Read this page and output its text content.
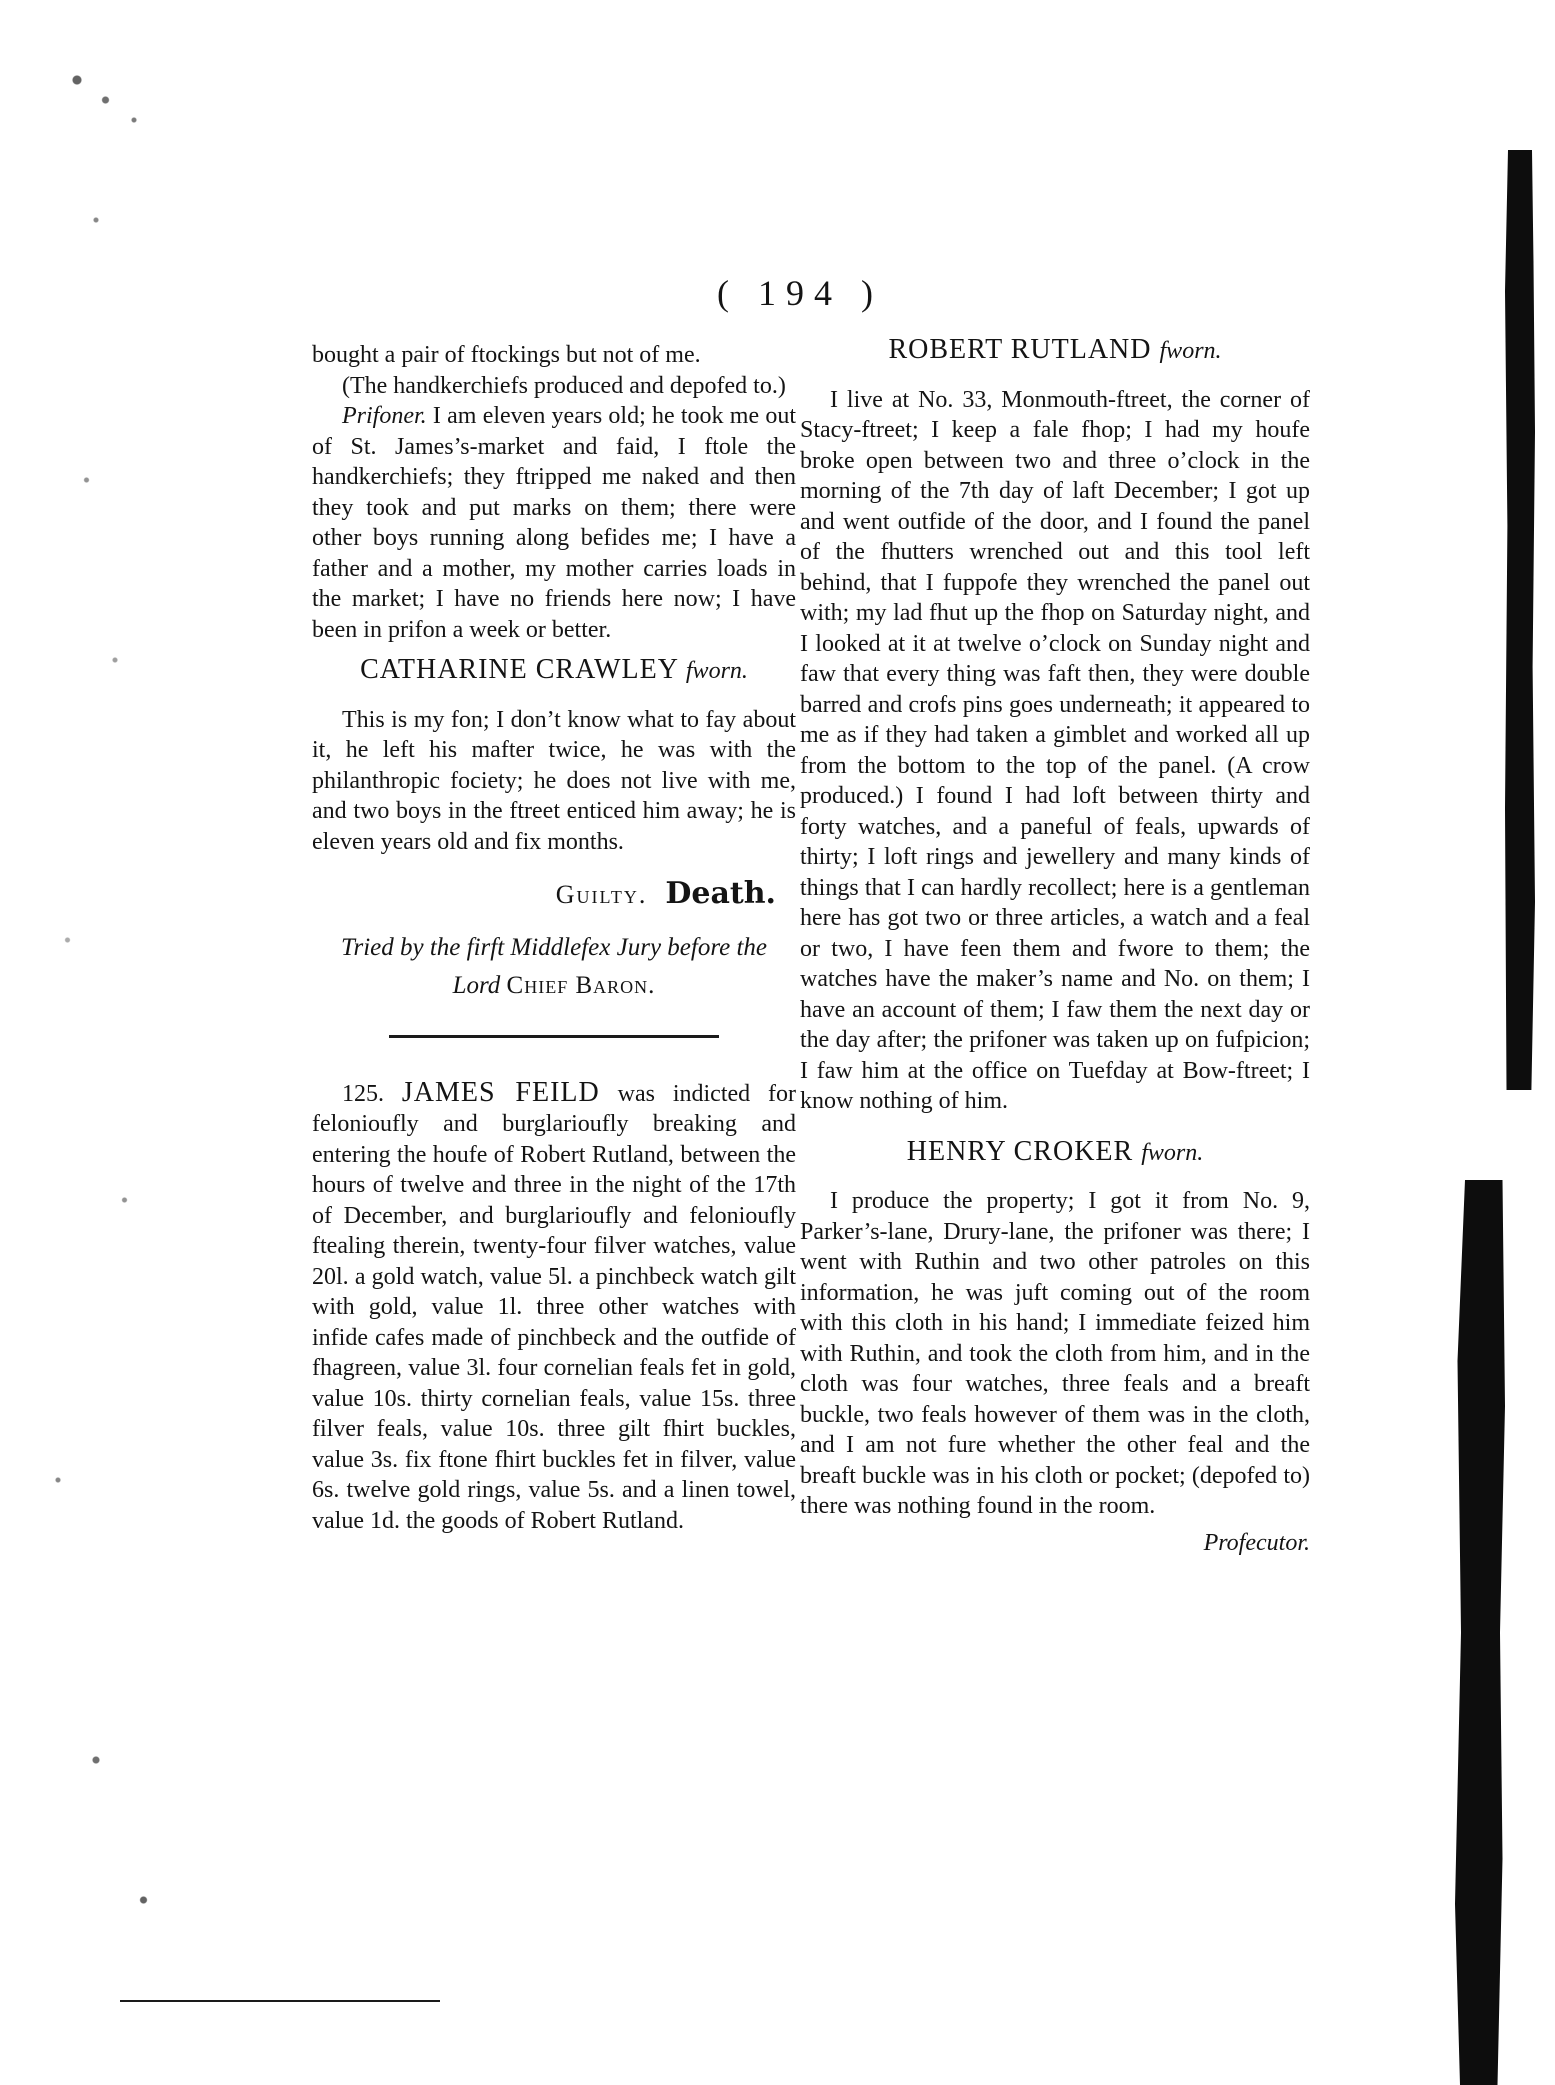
( 194 )

bought a pair of ftockings but not of me.

(The handkerchiefs produced and depofed to.)

Prifoner. I am eleven years old; he took me out of St. James’s-market and faid, I ftole the handkerchiefs; they ftripped me naked and then they took and put marks on them; there were other boys running along befides me; I have a father and a mother, my mother carries loads in the market; I have no friends here now; I have been in prifon a week or better.

CATHARINE CRAWLEY fworn.

This is my fon; I don’t know what to fay about it, he left his mafter twice, he was with the philanthropic fociety; he does not live with me, and two boys in the ftreet enticed him away; he is eleven years old and fix months.

Guilty. Death.
Tried by the firft Middlefex Jury before the
Lord Chief Baron.

125. JAMES FEILD was indicted for felonioufly and burglarioufly breaking and entering the houfe of Robert Rutland, between the hours of twelve and three in the night of the 17th of December, and burglarioufly and felonioufly ftealing therein, twenty-four filver watches, value 20l. a gold watch, value 5l. a pinchbeck watch gilt with gold, value 1l. three other watches with infide cafes made of pinchbeck and the outfide of fhagreen, value 3l. four cornelian feals fet in gold, value 10s. thirty cornelian feals, value 15s. three filver feals, value 10s. three gilt fhirt buckles, value 3s. fix ftone fhirt buckles fet in filver, value 6s. twelve gold rings, value 5s. and a linen towel, value 1d. the goods of Robert Rutland.

ROBERT RUTLAND fworn.

I live at No. 33, Monmouth-ftreet, the corner of Stacy-ftreet; I keep a fale fhop; I had my houfe broke open between two and three o’clock in the morning of the 7th day of laft December; I got up and went outfide of the door, and I found the panel of the fhutters wrenched out and this tool left behind, that I fuppofe they wrenched the panel out with; my lad fhut up the fhop on Saturday night, and I looked at it at twelve o’clock on Sunday night and faw that every thing was faft then, they were double barred and crofs pins goes underneath; it appeared to me as if they had taken a gimblet and worked all up from the bottom to the top of the panel. (A crow produced.) I found I had loft between thirty and forty watches, and a paneful of feals, upwards of thirty; I loft rings and jewellery and many kinds of things that I can hardly recollect; here is a gentleman here has got two or three articles, a watch and a feal or two, I have feen them and fwore to them; the watches have the maker’s name and No. on them; I have an account of them; I faw them the next day or the day after; the prifoner was taken up on fufpicion; I faw him at the office on Tuefday at Bow-ftreet; I know nothing of him.

HENRY CROKER fworn.

I produce the property; I got it from No. 9, Parker’s-lane, Drury-lane, the prifoner was there; I went with Ruthin and two other patroles on this information, he was juft coming out of the room with this cloth in his hand; I immediate feized him with Ruthin, and took the cloth from him, and in the cloth was four watches, three feals and a breaft buckle, two feals however of them was in the cloth, and I am not fure whether the other feal and the breaft buckle was in his cloth or pocket; (depofed to) there was nothing found in the room.

Profecutor.
